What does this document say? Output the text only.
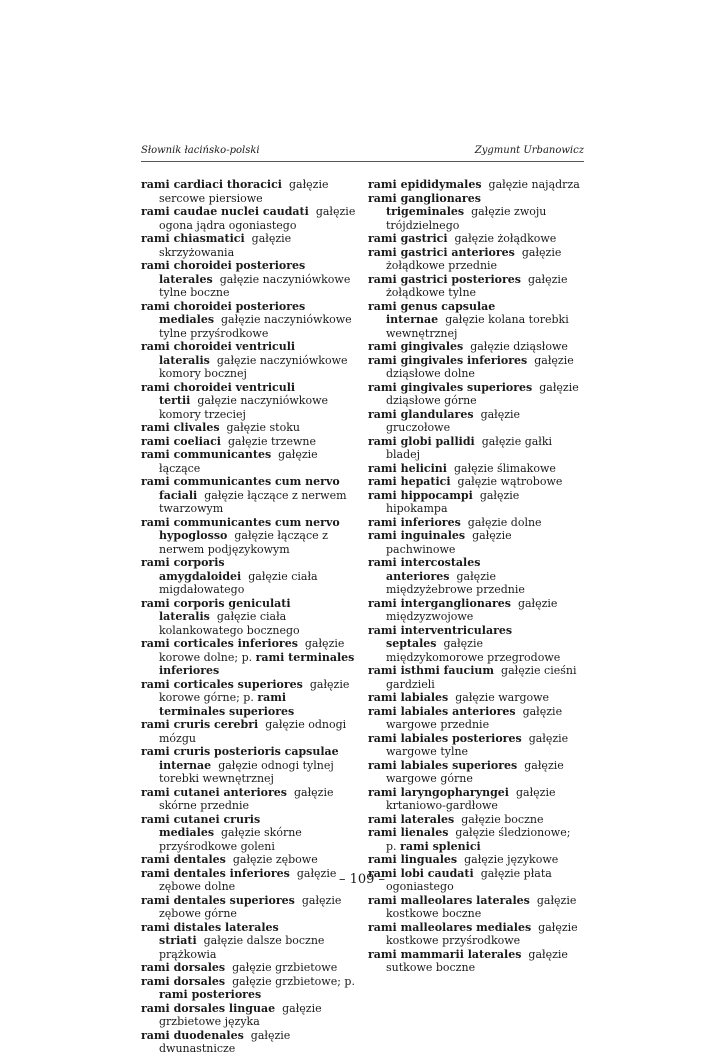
Słownik łacińsko-polski	Zygmunt Urbanowicz

rami cardiaci thoracici gałęzie sercowe piersiowe

rami caudae nuclei caudati gałęzie ogona jądra ogoniastego

rami chiasmatici gałęzie skrzyżowania

rami choroidei posteriores laterales gałęzie naczyniówkowe tylne boczne

rami choroidei posteriores mediales gałęzie naczyniówkowe tylne przyśrodkowe

rami choroidei ventriculi lateralis gałęzie naczyniówkowe komory bocznej

rami choroidei ventriculi tertii gałęzie naczyniówkowe komory trzeciej

rami clivales gałęzie stoku

rami coeliaci gałęzie trzewne

rami communicantes gałęzie łączące

rami communicantes cum nervo faciali gałęzie łączące z nerwem twarzowym

rami communicantes cum nervo hypoglosso gałęzie łączące z nerwem podjęzykowym

rami corporis amygdaloidei gałęzie ciała migdałowatego

rami corporis geniculati lateralis gałęzie ciała kolankowatego bocznego

rami corticales inferiores gałęzie korowe dolne; p. rami terminales inferiores

rami corticales superiores gałęzie korowe górne; p. rami terminales superiores

rami cruris cerebri gałęzie odnogi mózgu

rami cruris posterioris capsulae internae gałęzie odnogi tylnej torebki wewnętrznej

rami cutanei anteriores gałęzie skórne przednie

rami cutanei cruris mediales gałęzie skórne przyśrodkowe goleni

rami dentales gałęzie zębowe

rami dentales inferiores gałęzie zębowe dolne

rami dentales superiores gałęzie zębowe górne

rami distales laterales striati gałęzie dalsze boczne prążkowia

rami dorsales gałęzie grzbietowe

rami dorsales gałęzie grzbietowe; p. rami posteriores

rami dorsales linguae gałęzie grzbietowe języka

rami duodenales gałęzie dwunastnicze

rami epididymales gałęzie najądrza

rami ganglionares trigeminales gałęzie zwoju trójdzielnego

rami gastrici gałęzie żołądkowe

rami gastrici anteriores gałęzie żołądkowe przednie

rami gastrici posteriores gałęzie żołądkowe tylne

rami genus capsulae internae gałęzie kolana torebki wewnętrznej

rami gingivales gałęzie dziąsłowe

rami gingivales inferiores gałęzie dziąsłowe dolne

rami gingivales superiores gałęzie dziąsłowe górne

rami glandulares gałęzie gruczołowe

rami globi pallidi gałęzie gałki bladej

rami helicini gałęzie ślimakowe

rami hepatici gałęzie wątrobowe

rami hippocampi gałęzie hipokampa

rami inferiores gałęzie dolne

rami inguinales gałęzie pachwinowe

rami intercostales anteriores gałęzie międzyżebrowe przednie

rami interganglionares gałęzie międzyzwojowe

rami interventriculares septales gałęzie międzykomorowe przegrodowe

rami isthmi faucium gałęzie cieśni gardzieli

rami labiales gałęzie wargowe

rami labiales anteriores gałęzie wargowe przednie

rami labiales posteriores gałęzie wargowe tylne

rami labiales superiores gałęzie wargowe górne

rami laryngopharyngei gałęzie krtaniowo-gardłowe

rami laterales gałęzie boczne

rami lienales gałęzie śledzionowe; p. rami splenici

rami linguales gałęzie językowe

rami lobi caudati gałęzie płata ogoniastego

rami malleolares laterales gałęzie kostkowe boczne

rami malleolares mediales gałęzie kostkowe przyśrodkowe

rami mammarii laterales gałęzie sutkowe boczne

– 109 –
